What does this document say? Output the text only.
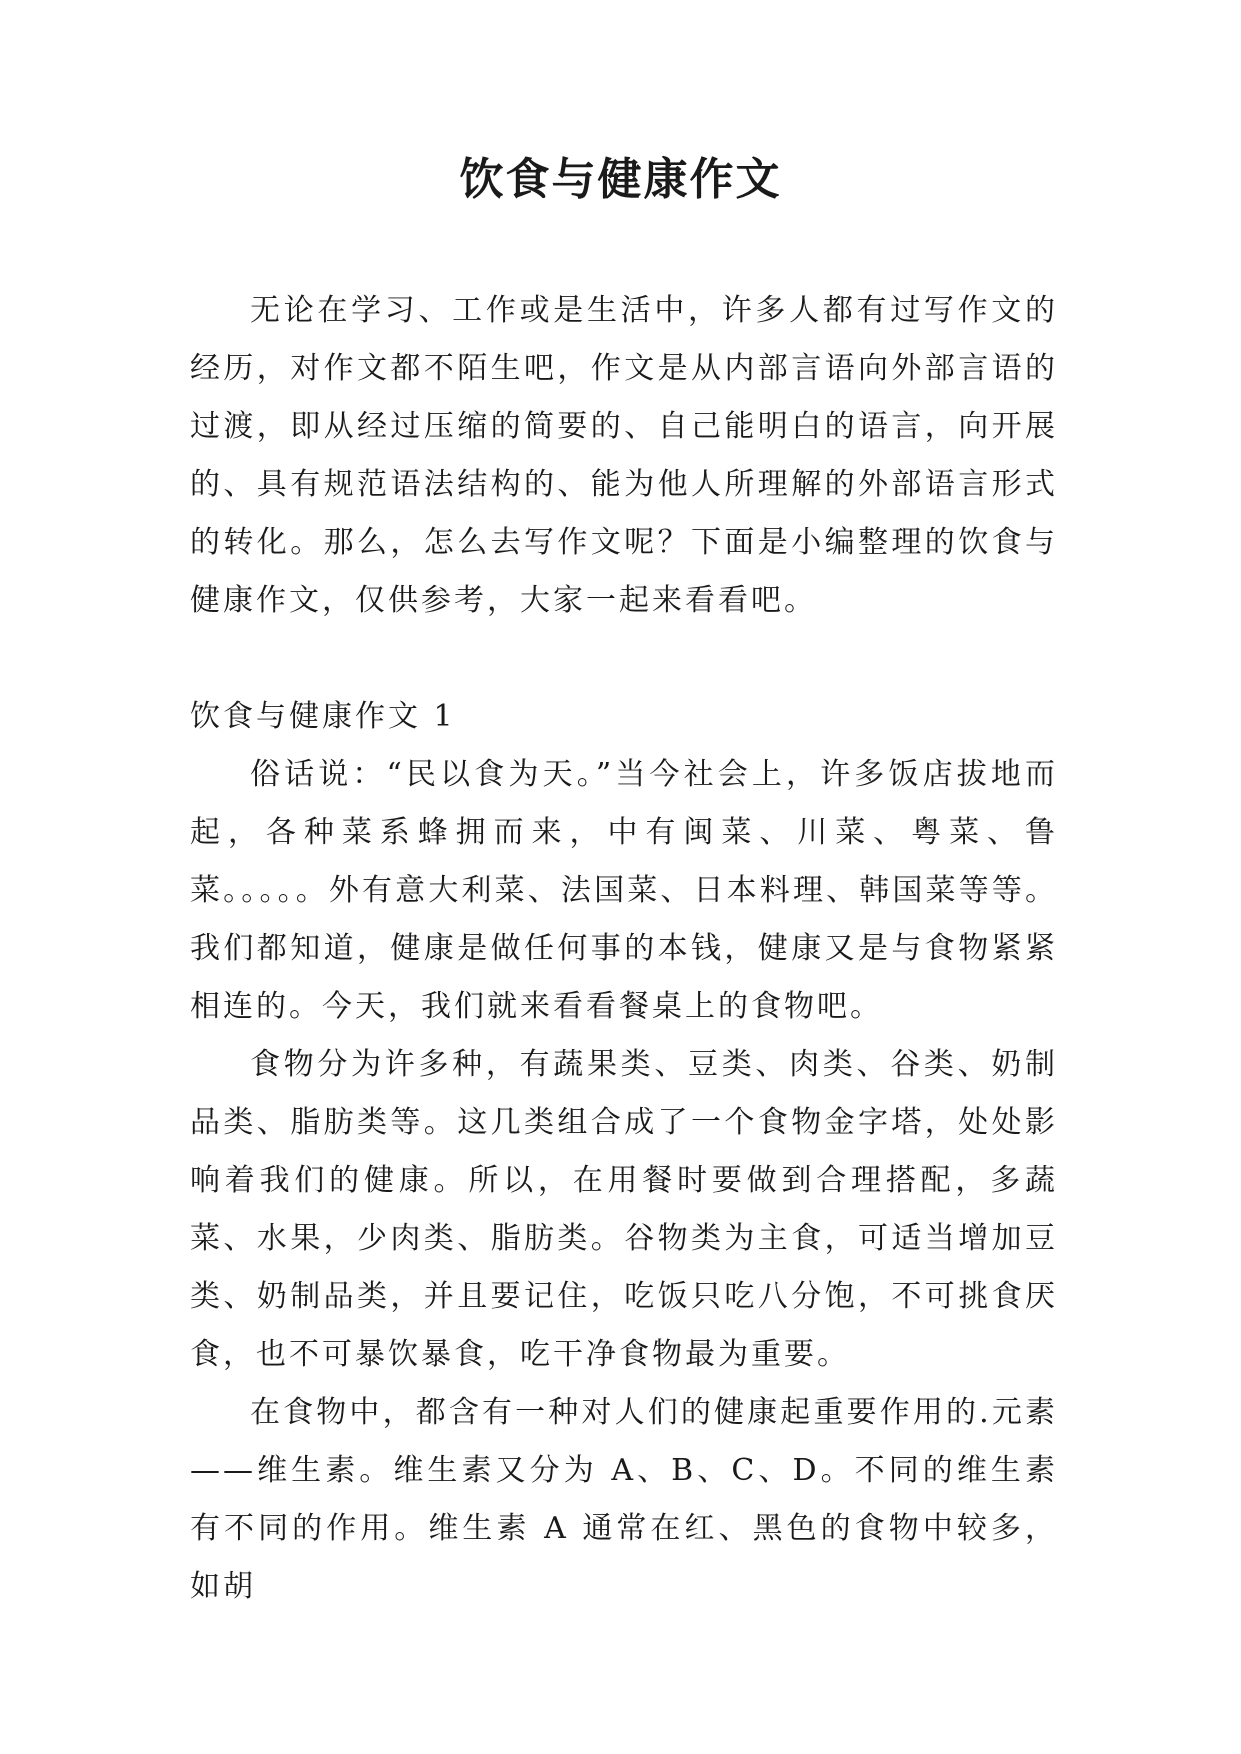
饮食与健康作文

无论在学习、工作或是生活中，许多人都有过写作文的经历，对作文都不陌生吧，作文是从内部言语向外部言语的过渡，即从经过压缩的简要的、自己能明白的语言，向开展的、具有规范语法结构的、能为他人所理解的外部语言形式的转化。那么，怎么去写作文呢？下面是小编整理的饮食与健康作文，仅供参考，大家一起来看看吧。

饮食与健康作文 1

俗话说：“民以食为天。”当今社会上，许多饭店拔地而起，各种菜系蜂拥而来，中有闽菜、川菜、粤菜、鲁菜。。。。。外有意大利菜、法国菜、日本料理、韩国菜等等。我们都知道，健康是做任何事的本钱，健康又是与食物紧紧相连的。今天，我们就来看看餐桌上的食物吧。

食物分为许多种，有蔬果类、豆类、肉类、谷类、奶制品类、脂肪类等。这几类组合成了一个食物金字塔，处处影响着我们的健康。所以，在用餐时要做到合理搭配，多蔬菜、水果，少肉类、脂肪类。谷物类为主食，可适当增加豆类、奶制品类，并且要记住，吃饭只吃八分饱，不可挑食厌食，也不可暴饮暴食，吃干净食物最为重要。

在食物中，都含有一种对人们的健康起重要作用的.元素——维生素。维生素又分为 A、B、C、D。不同的维生素有不同的作用。维生素 A 通常在红、黑色的食物中较多，如胡
